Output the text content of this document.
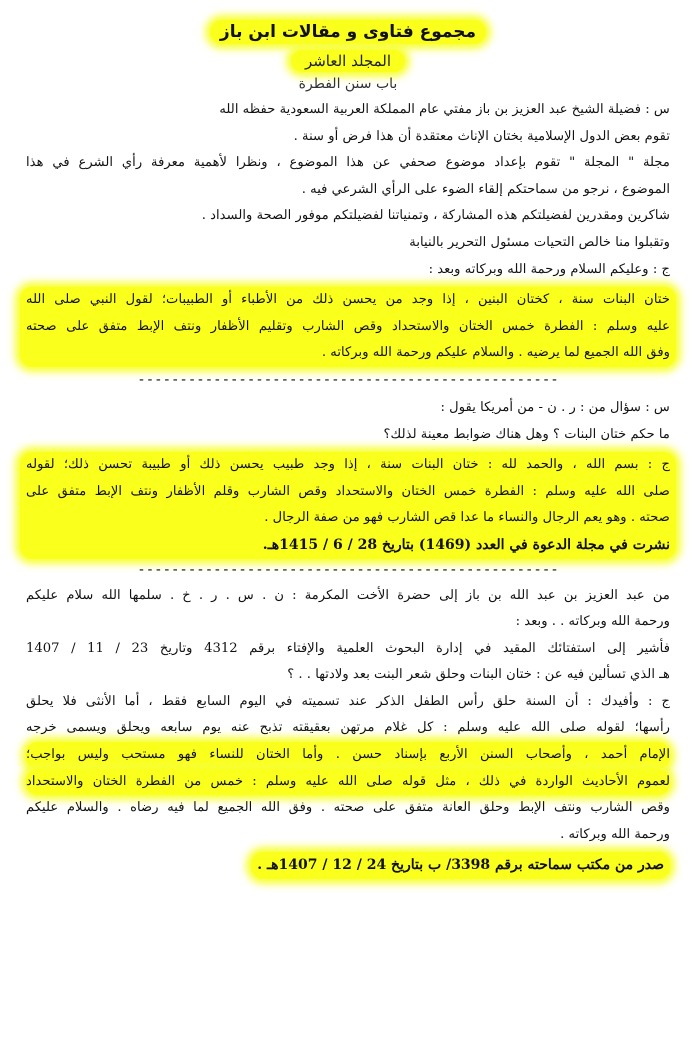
مجموع فتاوى و مقالات ابن باز
المجلد العاشر
باب سنن الفطرة
س : فضيلة الشيخ عبد العزيز بن باز مفتي عام المملكة العربية السعودية حفظه الله
تقوم بعض الدول الإسلامية بختان الإناث معتقدة أن هذا فرض أو سنة .
مجلة " المجلة " تقوم بإعداد موضوع صحفي عن هذا الموضوع ، ونظرا لأهمية معرفة رأي الشرع في هذا
الموضوع ، نرجو من سماحتكم إلقاء الضوء على الرأي الشرعي فيه .
شاكرين ومقدرين لفضيلتكم هذه المشاركة ، وتمنياتنا لفضيلتكم موفور الصحة والسداد .
وتقبلوا منا خالص التحيات مسئول التحرير بالنيابة
ج : وعليكم السلام ورحمة الله وبركاته وبعد :
ختان البنات سنة ، كختان البنين ، إذا وجد من يحسن ذلك من الأطباء أو الطبيبات؛ لقول النبي صلى الله
عليه وسلم : الفطرة خمس الختان والاستحداد وقص الشارب وتقليم الأظفار ونتف الإبط متفق على صحته
وفق الله الجميع لما يرضيه . والسلام عليكم ورحمة الله وبركاته .
--------------------------------------------------
س : سؤال من : ر . ن - من أمريكا يقول :
ما حكم ختان البنات ؟ وهل هناك ضوابط معينة لذلك؟
ج : بسم الله ، والحمد لله : ختان البنات سنة ، إذا وجد طبيب يحسن ذلك أو طبيبة تحسن ذلك؛ لقوله
صلى الله عليه وسلم : الفطرة خمس الختان والاستحداد وقص الشارب وقلم الأظفار ونتف الإبط متفق على
صحته . وهو يعم الرجال والنساء ما عدا قص الشارب فهو من صفة الرجال .
نشرت في مجلة الدعوة في العدد (1469) بتاريخ 28 / 6 / 1415هـ.
--------------------------------------------------
من عبد العزيز بن عبد الله بن باز إلى حضرة الأخت المكرمة : ن . س . ر . خ . سلمها الله سلام عليكم
ورحمة الله وبركاته . . وبعد :
فأشير إلى استفتائك المقيد في إدارة البحوث العلمية والإفتاء برقم 4312 وتاريخ 23 / 11 / 1407
هـ الذي تسألين فيه عن : ختان البنات وحلق شعر البنت بعد ولادتها . . ؟
ج : وأفيدك : أن السنة حلق رأس الطفل الذكر عند تسميته في اليوم السابع فقط ، أما الأنثى فلا يحلق
رأسها؛ لقوله صلى الله عليه وسلم : كل غلام مرتهن بعقيقته تذبح عنه يوم سابعه ويحلق ويسمى خرجه
الإمام أحمد ، وأصحاب السنن الأربع بإسناد حسن . وأما الختان للنساء فهو مستحب وليس بواجب؛
لعموم الأحاديث الواردة في ذلك ، مثل قوله صلى الله عليه وسلم : خمس من الفطرة الختان والاستحداد
وقص الشارب ونتف الإبط وحلق العانة متفق على صحته . وفق الله الجميع لما فيه رضاه . والسلام عليكم
ورحمة الله وبركاته .
صدر من مكتب سماحته برقم 3398/ ب بتاريخ 24 / 12 / 1407هـ .
